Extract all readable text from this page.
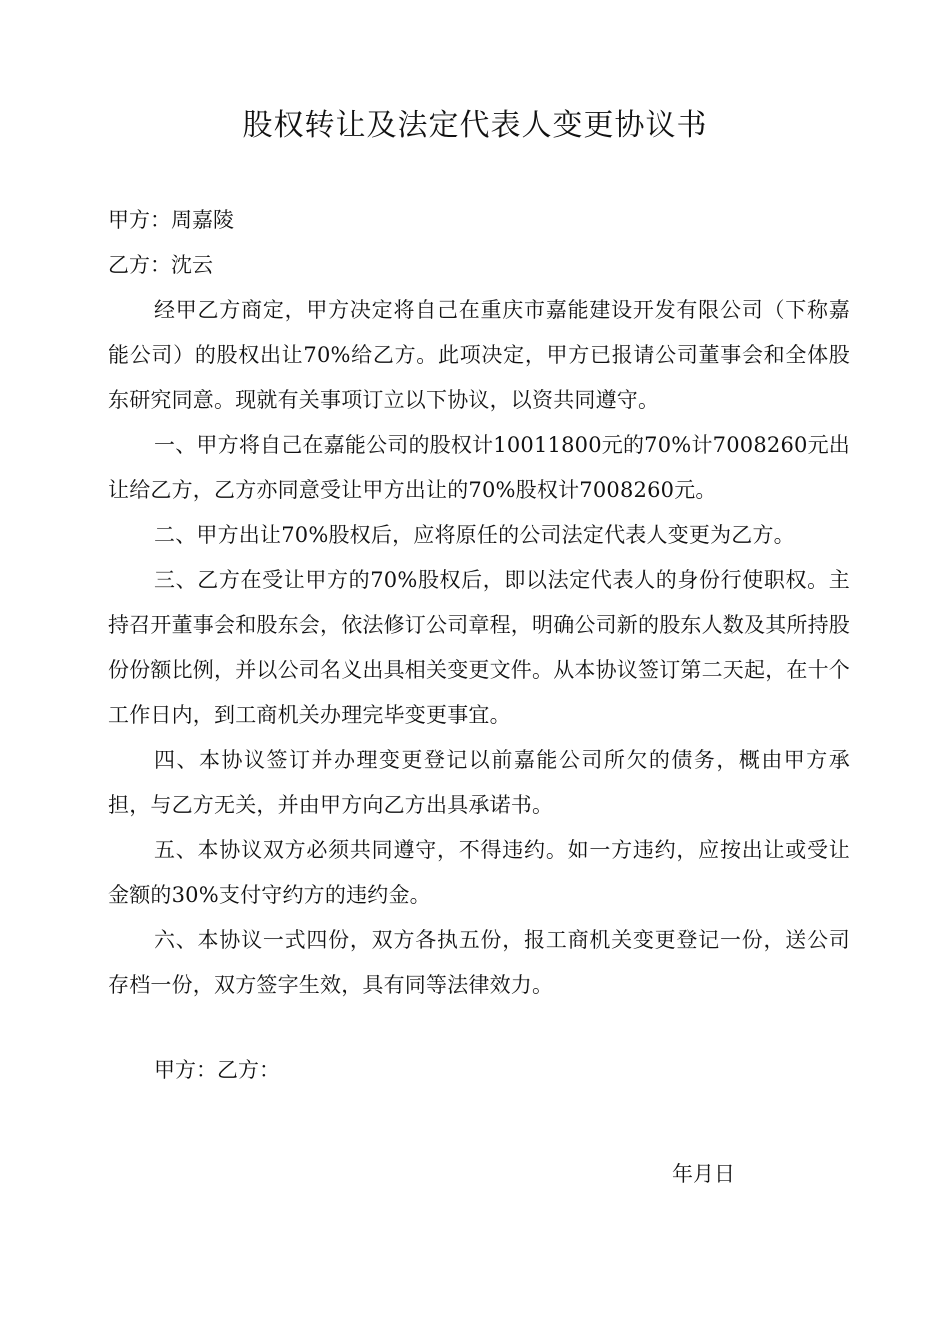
股权转让及法定代表人变更协议书

甲方：周嘉陵

乙方：沈云

经甲乙方商定，甲方决定将自己在重庆市嘉能建设开发有限公司（下称嘉能公司）的股权出让70%给乙方。此项决定，甲方已报请公司董事会和全体股东研究同意。现就有关事项订立以下协议，以资共同遵守。

一、甲方将自己在嘉能公司的股权计10011800元的70%计7008260元出让给乙方，乙方亦同意受让甲方出让的70%股权计7008260元。

二、甲方出让70%股权后，应将原任的公司法定代表人变更为乙方。

三、乙方在受让甲方的70%股权后，即以法定代表人的身份行使职权。主持召开董事会和股东会，依法修订公司章程，明确公司新的股东人数及其所持股份份额比例，并以公司名义出具相关变更文件。从本协议签订第二天起，在十个工作日内，到工商机关办理完毕变更事宜。

四、本协议签订并办理变更登记以前嘉能公司所欠的债务，概由甲方承担，与乙方无关，并由甲方向乙方出具承诺书。

五、本协议双方必须共同遵守，不得违约。如一方违约，应按出让或受让金额的30%支付守约方的违约金。

六、本协议一式四份，双方各执五份，报工商机关变更登记一份，送公司存档一份，双方签字生效，具有同等法律效力。

甲方：乙方：
年月日
